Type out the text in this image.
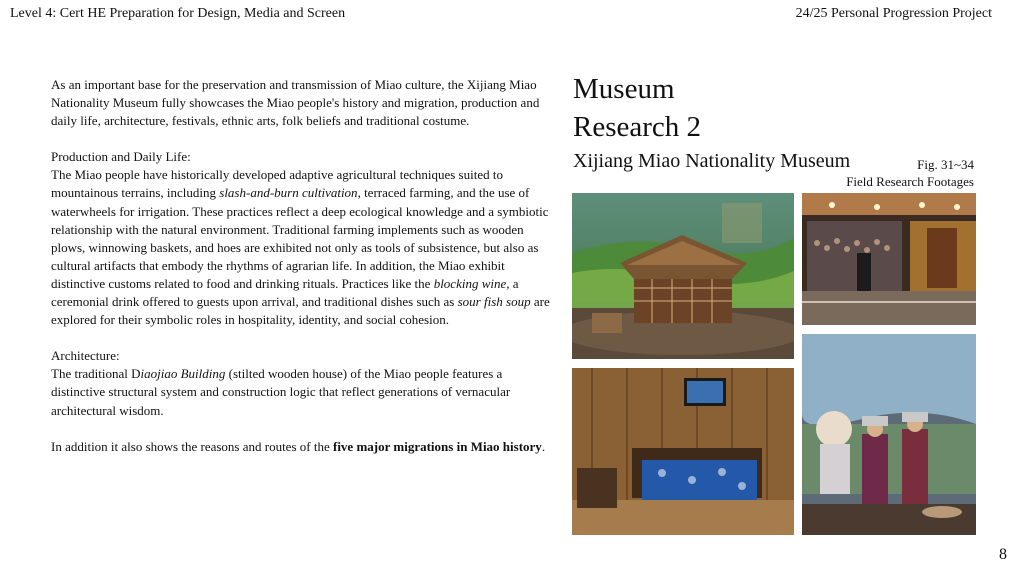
Level 4: Cert HE Preparation for Design, Media and Screen	24/25 Personal Progression Project

As an important base for the preservation and transmission of Miao culture, the Xijiang Miao Nationality Museum fully showcases the Miao people's history and migration, production and daily life, architecture, festivals, ethnic arts, folk beliefs and traditional costume.

Production and Daily Life:
The Miao people have historically developed adaptive agricultural techniques suited to mountainous terrains, including slash-and-burn cultivation, terraced farming, and the use of waterwheels for irrigation. These practices reflect a deep ecological knowledge and a symbiotic relationship with the natural environment. Traditional farming implements such as wooden plows, winnowing baskets, and hoes are exhibited not only as tools of subsistence, but also as cultural artifacts that embody the rhythms of agrarian life. In addition, the Miao exhibit distinctive customs related to food and drinking rituals. Practices like the blocking wine, a ceremonial drink offered to guests upon arrival, and traditional dishes such as sour fish soup are explored for their symbolic roles in hospitality, identity, and social cohesion.

Architecture:
The traditional Diaojiao Building (stilted wooden house) of the Miao people features a distinctive structural system and construction logic that reflect generations of vernacular architectural wisdom.

In addition it also shows the reasons and routes of the five major migrations in Miao history.

Museum
Research 2
Xijiang Miao Nationality Museum	Fig. 31~34
Field Research Footages
8
